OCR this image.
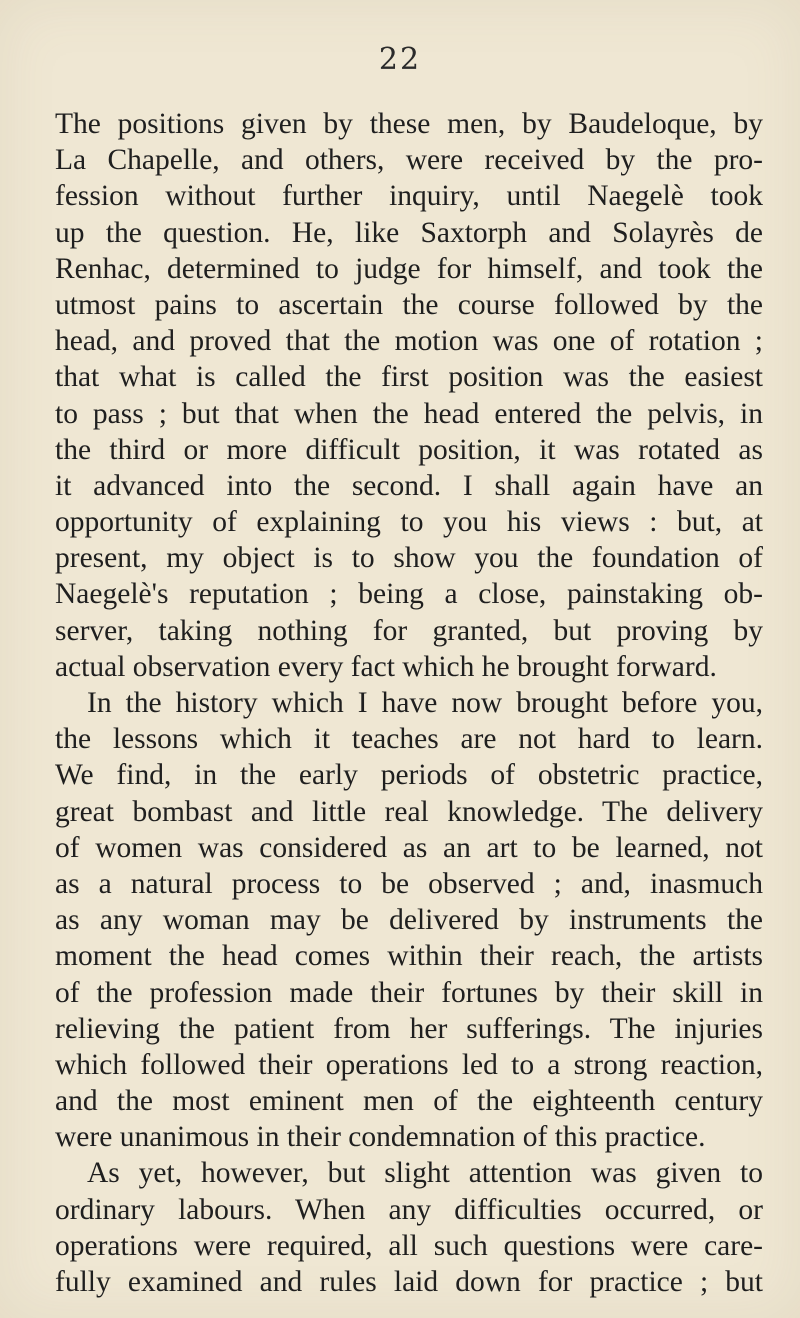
22
The positions given by these men, by Baudeloque, by
La Chapelle, and others, were received by the pro-
fession without further inquiry, until Naegelè took
up the question. He, like Saxtorph and Solayrès de
Renhac, determined to judge for himself, and took the
utmost pains to ascertain the course followed by the
head, and proved that the motion was one of rotation ;
that what is called the first position was the easiest
to pass ; but that when the head entered the pelvis, in
the third or more difficult position, it was rotated as
it advanced into the second. I shall again have an
opportunity of explaining to you his views : but, at
present, my object is to show you the foundation of
Naegelè's reputation ; being a close, painstaking ob-
server, taking nothing for granted, but proving by
actual observation every fact which he brought forward.
In the history which I have now brought before you,
the lessons which it teaches are not hard to learn.
We find, in the early periods of obstetric practice,
great bombast and little real knowledge. The delivery
of women was considered as an art to be learned, not
as a natural process to be observed ; and, inasmuch
as any woman may be delivered by instruments the
moment the head comes within their reach, the artists
of the profession made their fortunes by their skill in
relieving the patient from her sufferings. The injuries
which followed their operations led to a strong reaction,
and the most eminent men of the eighteenth century
were unanimous in their condemnation of this practice.
As yet, however, but slight attention was given to
ordinary labours. When any difficulties occurred, or
operations were required, all such questions were care-
fully examined and rules laid down for practice ; but
